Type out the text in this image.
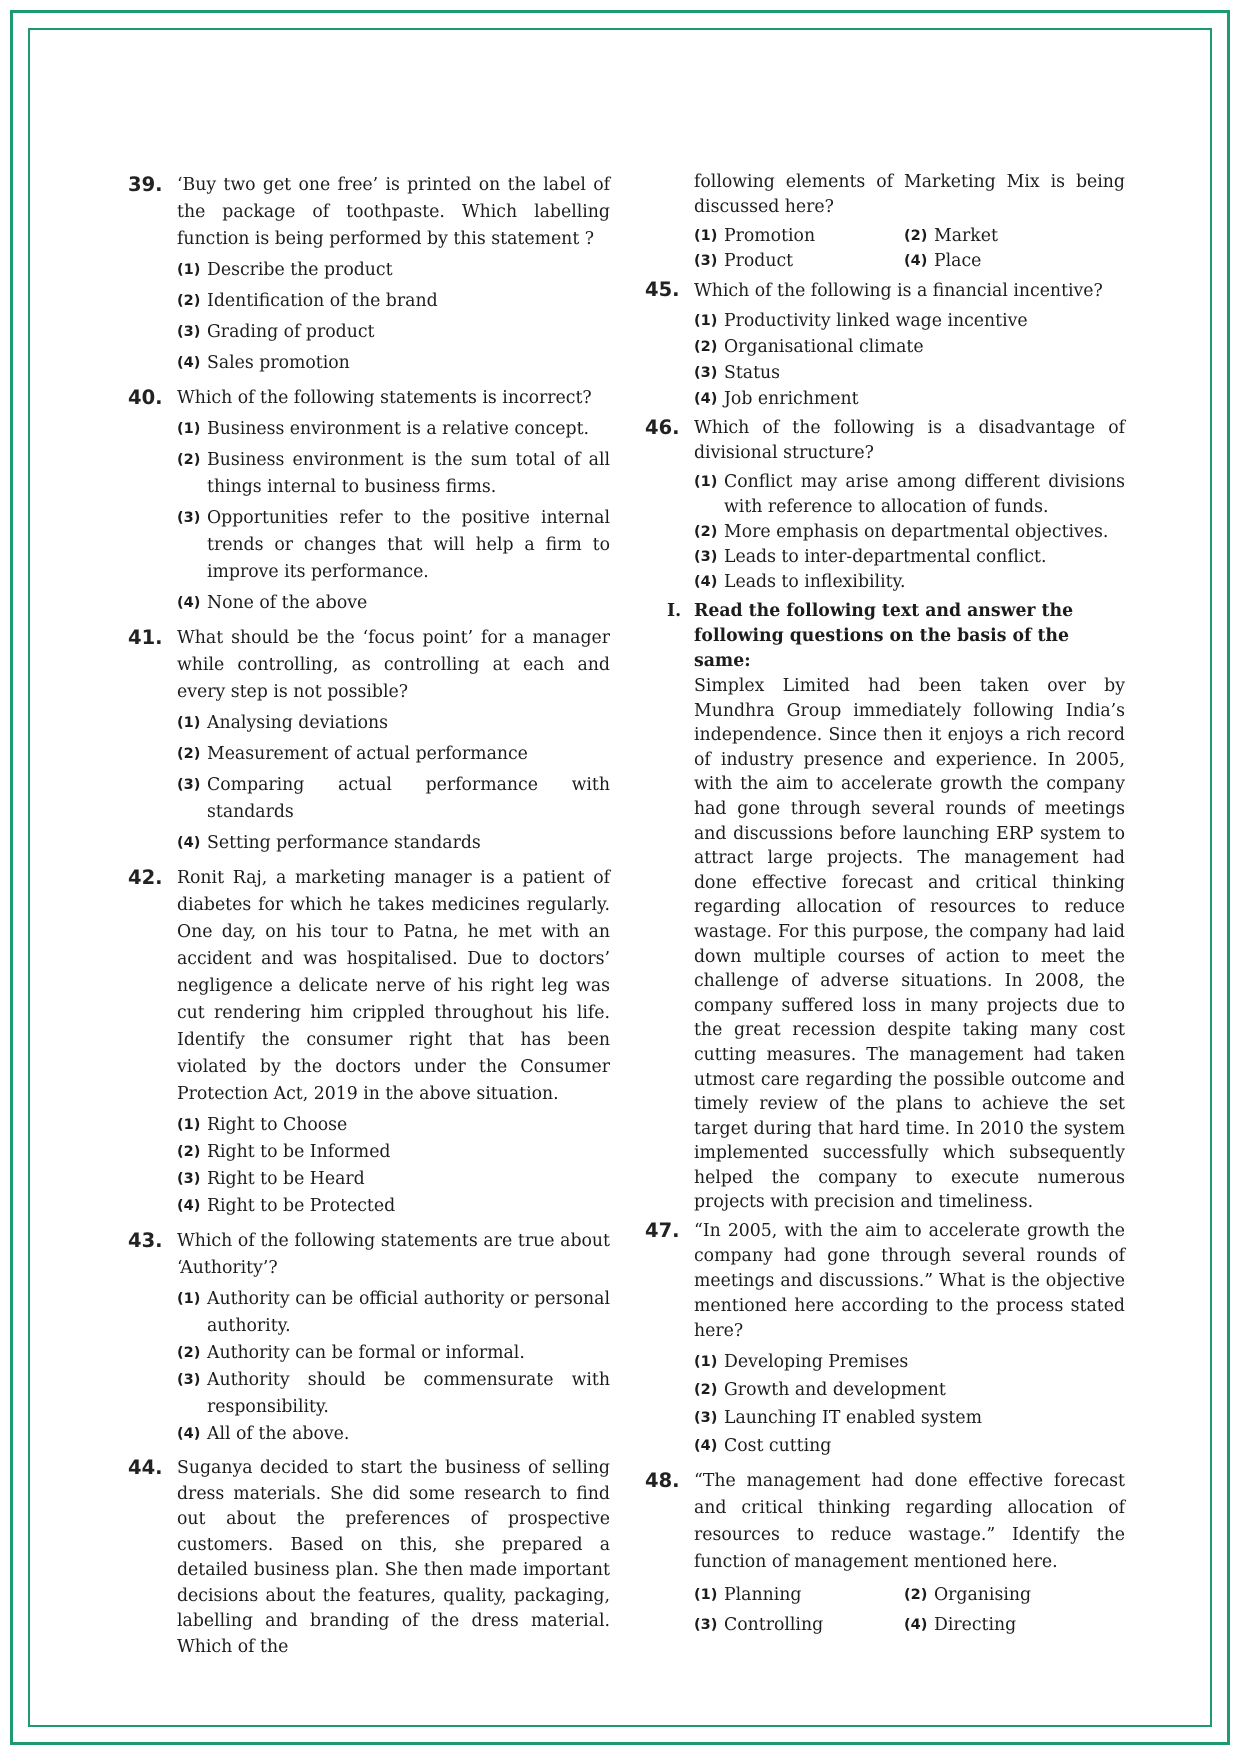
39. ‘Buy two get one free’ is printed on the label of the package of toothpaste. Which labelling function is being performed by this statement ?
( 1 ) Describe the product
( 2 ) Identification of the brand
( 3 ) Grading of product
( 4 ) Sales promotion
40. Which of the following statements is incorrect?
( 1 ) Business environment is a relative concept.
( 2 ) Business environment is the sum total of all things internal to business firms.
( 3 ) Opportunities refer to the positive internal trends or changes that will help a firm to improve its performance.
( 4 ) None of the above
41. What should be the ‘focus point’ for a manager while controlling, as controlling at each and every step is not possible?
( 1 ) Analysing deviations
( 2 ) Measurement of actual performance
( 3 ) Comparing actual performance with standards
( 4 ) Setting performance standards
42. Ronit Raj, a marketing manager is a patient of diabetes for which he takes medicines regularly. One day, on his tour to Patna, he met with an accident and was hospitalised. Due to doctors’ negligence a delicate nerve of his right leg was cut rendering him crippled throughout his life. Identify the consumer right that has been violated by the doctors under the Consumer Protection Act, 2019 in the above situation.
( 1 ) Right to Choose
( 2 ) Right to be Informed
( 3 ) Right to be Heard
( 4 ) Right to be Protected
43. Which of the following statements are true about ‘Authority’?
( 1 ) Authority can be official authority or personal authority.
( 2 ) Authority can be formal or informal.
( 3 ) Authority should be commensurate with responsibility.
( 4 ) All of the above.
44. Suganya decided to start the business of selling dress materials. She did some research to find out about the preferences of prospective customers. Based on this, she prepared a detailed business plan. She then made important decisions about the features, quality, packaging, labelling and branding of the dress material. Which of the
following elements of Marketing Mix is being discussed here?
( 1 ) Promotion	( 2 ) Market
( 3 ) Product	( 4 ) Place
45. Which of the following is a financial incentive?
( 1 ) Productivity linked wage incentive
( 2 ) Organisational climate
( 3 ) Status
( 4 ) Job enrichment
46. Which of the following is a disadvantage of divisional structure?
( 1 ) Conflict may arise among different divisions with reference to allocation of funds.
( 2 ) More emphasis on departmental objectives.
( 3 ) Leads to inter-departmental conflict.
( 4 ) Leads to inflexibility.
I. Read the following text and answer the following questions on the basis of the same:
Simplex Limited had been taken over by Mundhra Group immediately following India’s independence. Since then it enjoys a rich record of industry presence and experience. In 2005, with the aim to accelerate growth the company had gone through several rounds of meetings and discussions before launching ERP system to attract large projects. The management had done effective forecast and critical thinking regarding allocation of resources to reduce wastage. For this purpose, the company had laid down multiple courses of action to meet the challenge of adverse situations. In 2008, the company suffered loss in many projects due to the great recession despite taking many cost cutting measures. The management had taken utmost care regarding the possible outcome and timely review of the plans to achieve the set target during that hard time. In 2010 the system implemented successfully which subsequently helped the company to execute numerous projects with precision and timeliness.
47. “In 2005, with the aim to accelerate growth the company had gone through several rounds of meetings and discussions.” What is the objective mentioned here according to the process stated here?
( 1 ) Developing Premises
( 2 ) Growth and development
( 3 ) Launching IT enabled system
( 4 ) Cost cutting
48. “The management had done effective forecast and critical thinking regarding allocation of resources to reduce wastage.” Identify the function of management mentioned here.
( 1 ) Planning	( 2 ) Organising
( 3 ) Controlling	( 4 ) Directing
